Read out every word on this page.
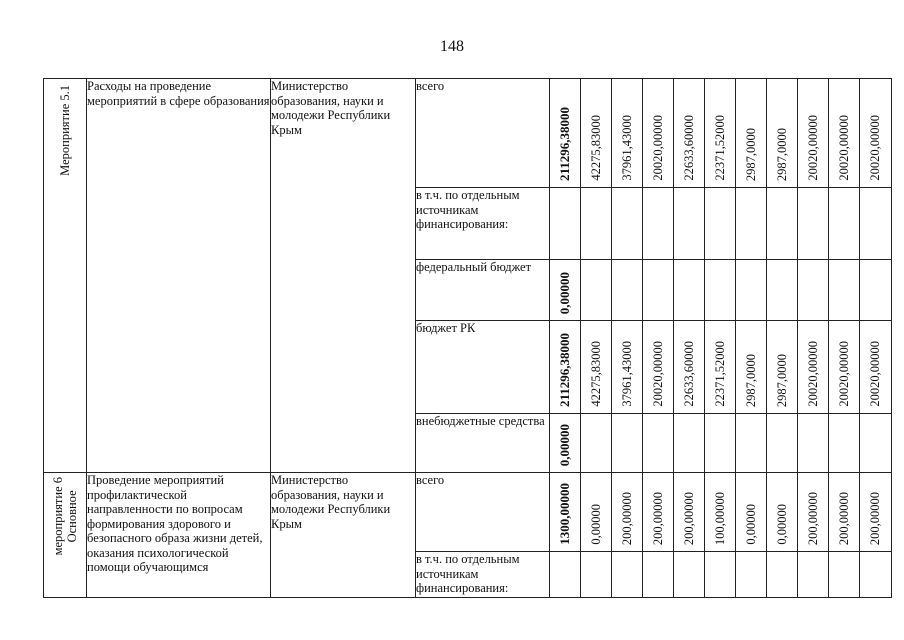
148
Мероприятие 5.1	Расходы на проведение мероприятий в сфере образования	Министерство образования, науки и молодежи Республики Крым	всего	211296,38000	42275,83000	37961,43000	20020,00000	22633,60000	22371,52000	2987,0000	2987,0000	20020,00000	20020,00000	20020,00000

			в т.ч. по отдельным источникам финансирования:											
			федеральный бюджет	0,00000										

			бюджет РК	211296,38000	42275,83000	37961,43000	20020,00000	22633,60000	22371,52000	2987,0000	2987,0000	20020,00000	20020,00000	20020,00000

			внебюджетные средства	0,00000										

мероприятие 6 Основное	Проведение мероприятий профилактической направленности по вопросам формирования здорового и безопасного образа жизни детей, оказания психологической помощи обучающимся	Министерство образования, науки и молодежи Республики Крым	всего	1300,00000	0,00000	200,00000	200,00000	200,00000	100,00000	0,00000	0,00000	200,00000	200,00000	200,00000

			в т.ч. по отдельным источникам финансирования:											
